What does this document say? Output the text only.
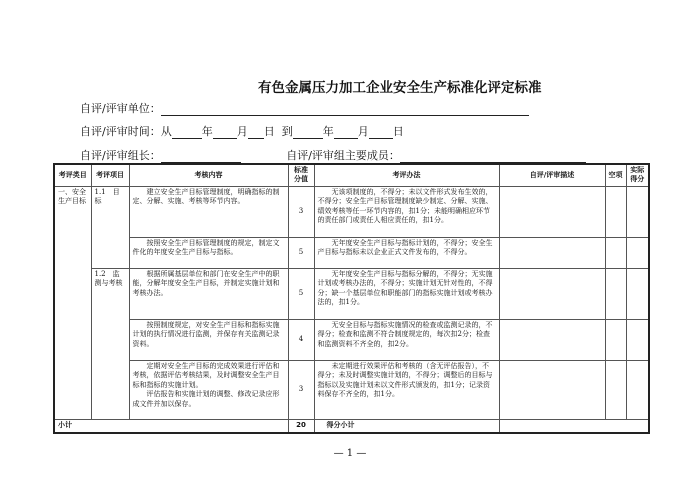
有色金属压力加工企业安全生产标准化评定标准
自评/评审单位：
自评/评审时间：从	年 月 日 到	年 月 日
自评/评审组长：	自评/评审组主要成员：
考评类目	考评项目	考核内容	标准分值	考评办法	自评/评审描述	空项	实际得分
一、安全生产目标	1.1　目标	建立安全生产目标管理制度，明确指标的制定、分解、实施、考核等环节内容。	3	无该项制度的，不得分；未以文件形式发布生效的，不得分；安全生产目标管理制度缺少制定、分解、实施、绩效考核等任一环节内容的，扣1分；未能明确相应环节的责任部门或责任人相应责任的，扣1分。			
		按照安全生产目标管理制度的规定，制定文件化的年度安全生产目标与指标。	5	无年度安全生产目标与指标计划的，不得分；安全生产目标与指标未以企业正式文件发布的，不得分。			
	1.2　监测与考核	根据所属基层单位和部门在安全生产中的职能，分解年度安全生产目标，并制定实施计划和考核办法。	5	无年度安全生产目标与指标分解的，不得分；无实施计划或考核办法的，不得分；实施计划无针对性的，不得分；缺一个基层单位和职能部门的指标实施计划或考核办法的，扣1分。			
		按照制度规定，对安全生产目标和指标实施计划的执行情况进行监测，并保存有关监测记录资料。	4	无安全目标与指标实施情况的检查或监测记录的，不得分；检查和监测不符合制度规定的，每次扣2分；检查和监测资料不齐全的，扣2分。			

		定期对安全生产目标的完成效果进行评估和考核，依据评估考核结果，及时调整安全生产目标和指标的实施计划。
评估报告和实施计划的调整、修改记录应形成文件并加以保存。	3	未定期进行效果评估和考核的（含无评估报告），不得分；未及时调整实施计划的，不得分；调整后的目标与指标以及实施计划未以文件形式颁发的，扣1分；记录资料保存不齐全的，扣1分。			
小计			20	得分小计			
— 1 —
